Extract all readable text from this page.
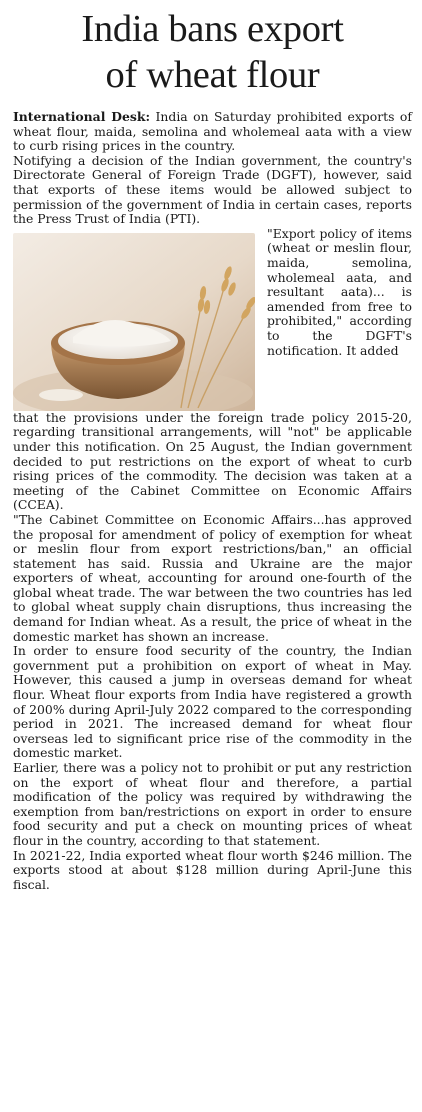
India bans export
of wheat flour

International Desk: India on Saturday prohibited exports of wheat flour, maida, semolina and wholemeal aata with a view to curb rising prices in the country.

Notifying a decision of the Indian government, the country's Directorate General of Foreign Trade (DGFT), however, said that exports of these items would be allowed subject to permission of the government of India in certain cases, reports the Press Trust of India (PTI).

"Export policy of items (wheat or meslin flour, maida, semolina, wholemeal aata, and resultant aata)... is amended from free to prohibited," according to the DGFT's notification. It added

that the provisions under the foreign trade policy 2015-20, regarding transitional arrangements, will "not" be applicable under this notification. On 25 August, the Indian government decided to put restrictions on the export of wheat to curb rising prices of the commodity. The decision was taken at a meeting of the Cabinet Committee on Economic Affairs (CCEA).

"The Cabinet Committee on Economic Affairs...has approved the proposal for amendment of policy of exemption for wheat or meslin flour from export restrictions/ban," an official statement has said. Russia and Ukraine are the major exporters of wheat, accounting for around one-fourth of the global wheat trade. The war between the two countries has led to global wheat supply chain disruptions, thus increasing the demand for Indian wheat. As a result, the price of wheat in the domestic market has shown an increase.

In order to ensure food security of the country, the Indian government put a prohibition on export of wheat in May. However, this caused a jump in overseas demand for wheat flour. Wheat flour exports from India have registered a growth of 200% during April-July 2022 compared to the corresponding period in 2021. The increased demand for wheat flour overseas led to significant price rise of the commodity in the domestic market.

Earlier, there was a policy not to prohibit or put any restriction on the export of wheat flour and therefore, a partial modification of the policy was required by withdrawing the exemption from ban/restrictions on export in order to ensure food security and put a check on mounting prices of wheat flour in the country, according to that statement.

In 2021-22, India exported wheat flour worth $246 million. The exports stood at about $128 million during April-June this fiscal.
